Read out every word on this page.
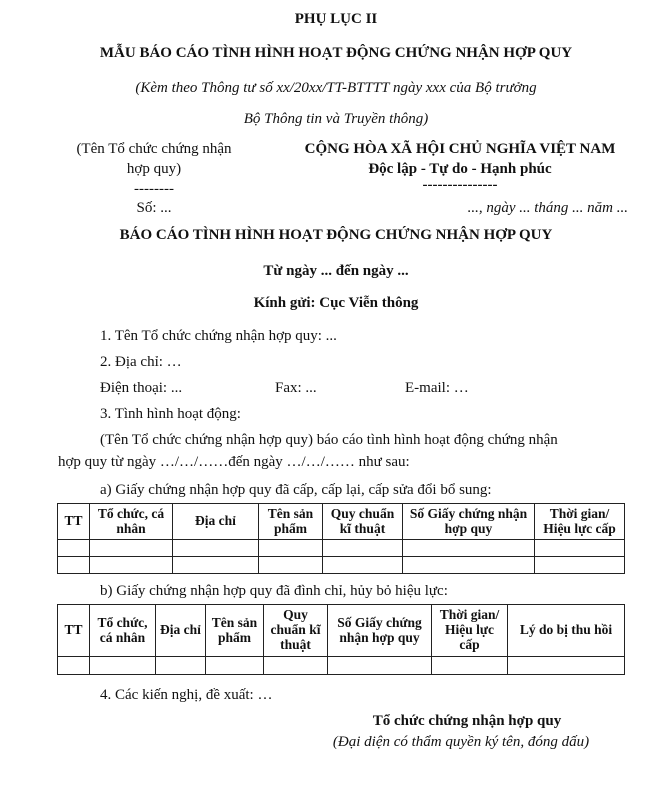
PHỤ LỤC II
MẪU BÁO CÁO TÌNH HÌNH HOẠT ĐỘNG CHỨNG NHẬN HỢP QUY
(Kèm theo Thông tư số xx/20xx/TT-BTTTT ngày xxx của Bộ trưởng
Bộ Thông tin và Truyền thông)
(Tên Tổ chức chứng nhận
hợp quy)
--------
Số: ...
CỘNG HÒA XÃ HỘI CHỦ NGHĨA VIỆT NAM
Độc lập - Tự do - Hạnh phúc
---------------
..., ngày ... tháng ... năm ...
BÁO CÁO TÌNH HÌNH HOẠT ĐỘNG CHỨNG NHẬN HỢP QUY
Từ ngày ... đến ngày ...
Kính gửi: Cục Viễn thông
1. Tên Tổ chức chứng nhận hợp quy: ...
2. Địa chỉ: …
Điện thoại: ...	Fax: ...	E-mail: …
3. Tình hình hoạt động:
(Tên Tổ chức chứng nhận hợp quy) báo cáo tình hình hoạt động chứng nhận
hợp quy từ ngày …/…/……đến ngày …/…/…… như sau:
a) Giấy chứng nhận hợp quy đã cấp, cấp lại, cấp sửa đổi bổ sung:
TT	Tổ chức, cá nhân	Địa chỉ	Tên sản phẩm	Quy chuẩn kĩ thuật	Số Giấy chứng nhận hợp quy	Thời gian/ Hiệu lực cấp

b) Giấy chứng nhận hợp quy đã đình chỉ, hủy bỏ hiệu lực:
TT	Tổ chức, cá nhân	Địa chỉ	Tên sản phẩm	Quy chuẩn kĩ thuật	Số Giấy chứng nhận hợp quy	Thời gian/ Hiệu lực cấp	Lý do bị thu hồi

4. Các kiến nghị, đề xuất: …
Tổ chức chứng nhận hợp quy
(Đại diện có thẩm quyền ký tên, đóng dấu)
